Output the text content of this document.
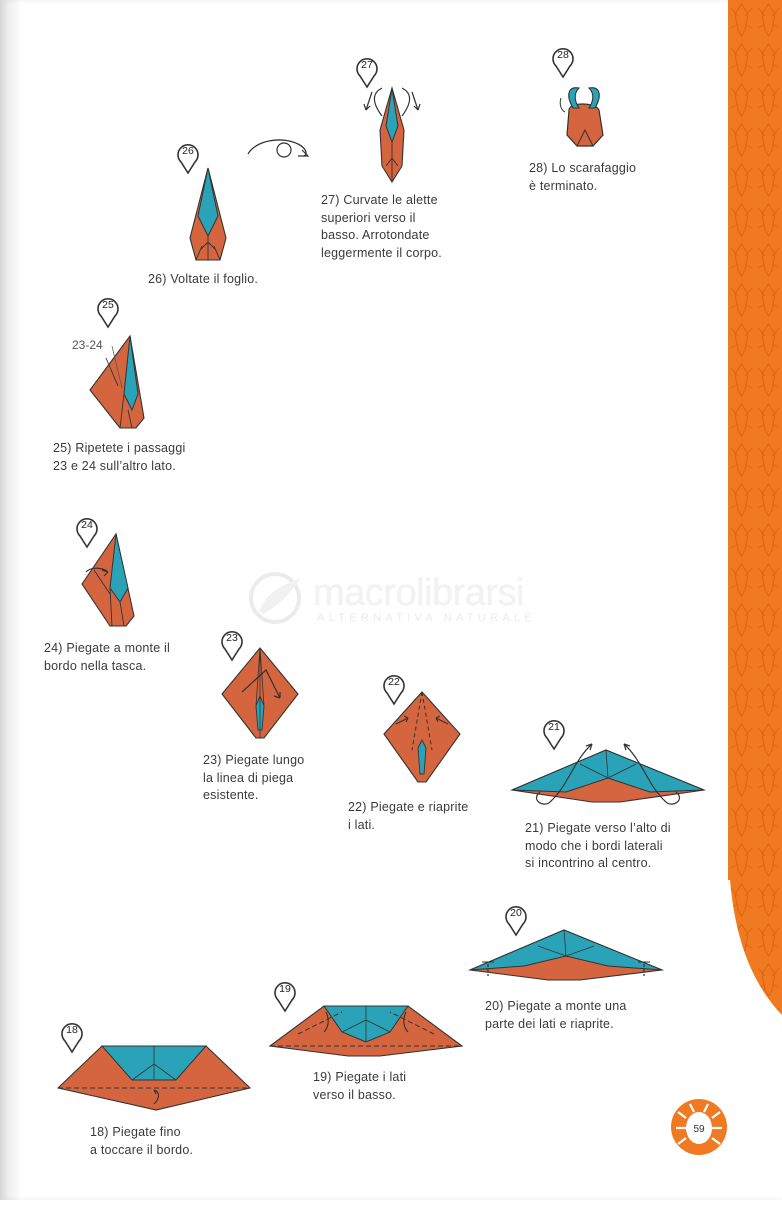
macrolibrarsi
ALTERNATIVA NATURALE
28
28) Lo scarafaggio
è terminato.
27
27) Curvate le alette
superiori verso il
basso. Arrotondate
leggermente il corpo.
26
26) Voltate il foglio.
25
23-24
25) Ripetete i passaggi
23 e 24 sull’altro lato.
24
24) Piegate a monte il
bordo nella tasca.
23
23) Piegate lungo
la linea di piega
esistente.
22
22) Piegate e riaprite
i lati.
21
21) Piegate verso l’alto di
modo che i bordi laterali
si incontrino al centro.
20
20) Piegate a monte una
parte dei lati e riaprite.
19
19) Piegate i lati
verso il basso.
18
18) Piegate fino
a toccare il bordo.
59
